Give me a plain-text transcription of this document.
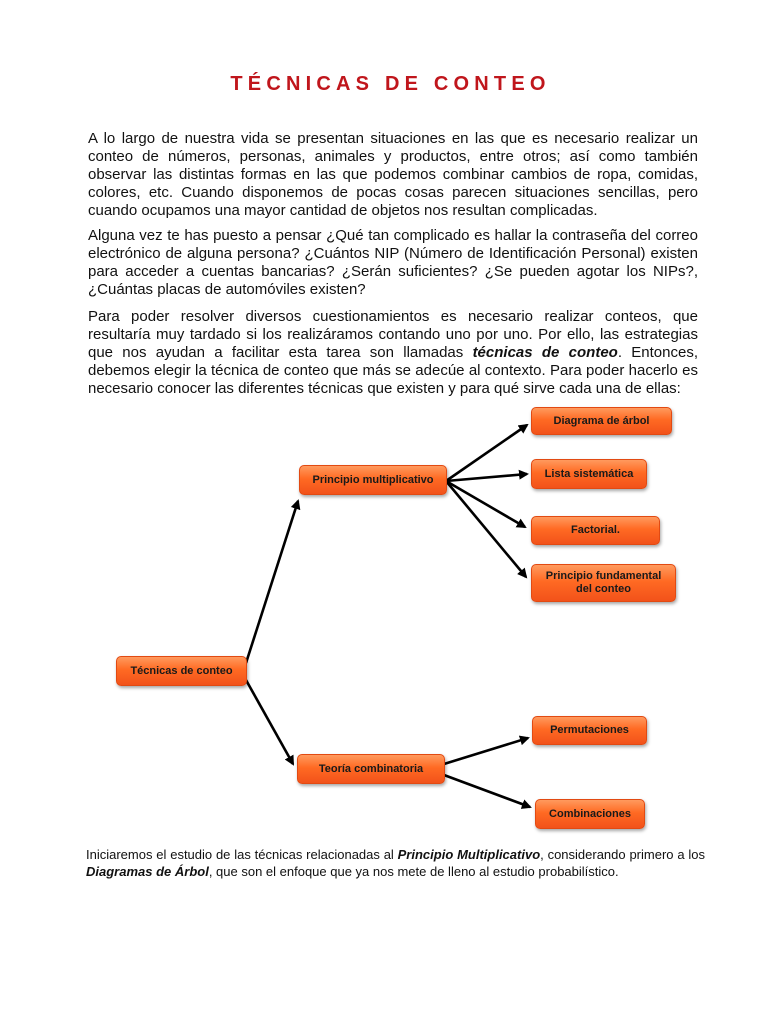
TÉCNICAS DE CONTEO

A lo largo de nuestra vida se presentan situaciones en las que es necesario realizar un conteo de números, personas, animales y productos, entre otros; así como también observar las distintas formas en las que podemos combinar cambios de ropa, comidas, colores, etc. Cuando disponemos de pocas cosas parecen situaciones sencillas, pero cuando ocupamos una mayor cantidad de objetos nos resultan complicadas.

Alguna vez te has puesto a pensar ¿Qué tan complicado es hallar la contraseña del correo electrónico de alguna persona? ¿Cuántos NIP (Número de Identificación Personal) existen para acceder a cuentas bancarias? ¿Serán suficientes? ¿Se pueden agotar los NIPs?, ¿Cuántas placas de automóviles existen?

Para poder resolver diversos cuestionamientos es necesario realizar conteos, que resultaría muy tardado si los realizáramos contando uno por uno. Por ello, las estrategias que nos ayudan a facilitar esta tarea son llamadas técnicas de conteo. Entonces, debemos elegir la técnica de conteo que más se adecúe al contexto. Para poder hacerlo es necesario conocer las diferentes técnicas que existen y para qué sirve cada una de ellas:

Técnicas de conteo
Principio multiplicativo
Teoría combinatoria
Diagrama de árbol
Lista sistemática
Factorial.
Principio fundamental
del conteo
Permutaciones
Combinaciones

Iniciaremos el estudio de las técnicas relacionadas al Principio Multiplicativo, considerando primero a los Diagramas de Árbol, que son el enfoque que ya nos mete de lleno al estudio probabilístico.
